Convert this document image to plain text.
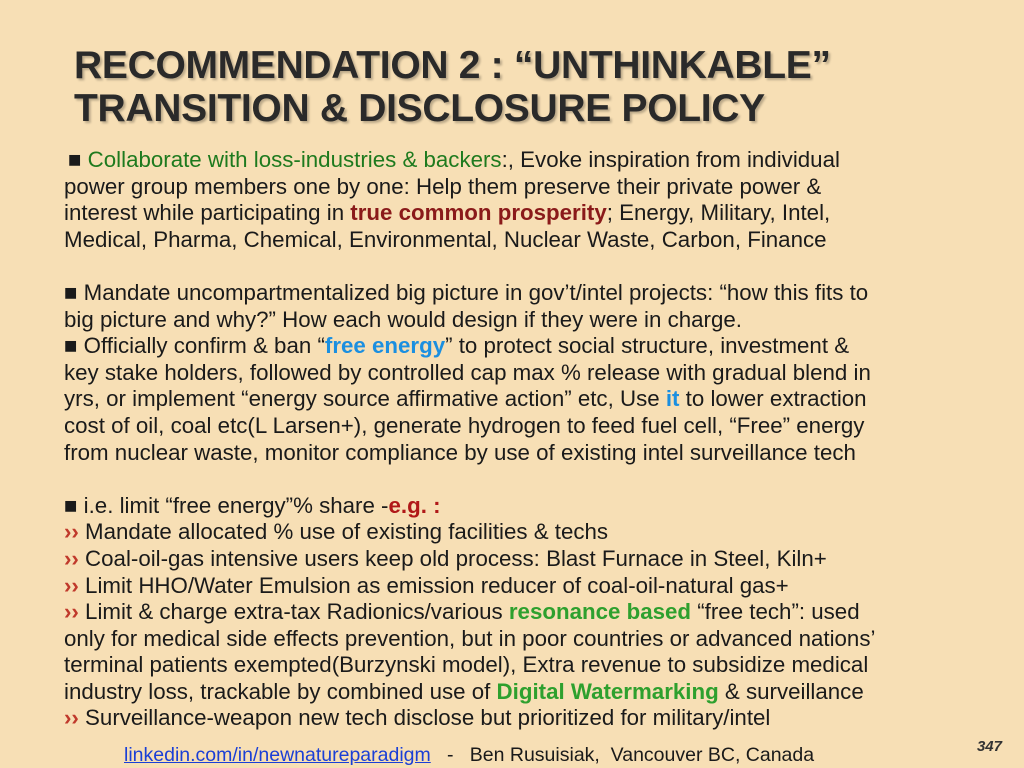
RECOMMENDATION 2 : “UNTHINKABLE”
TRANSITION & DISCLOSURE POLICY
■ Collaborate with loss-industries & backers:, Evoke inspiration from individual
power group members one by one: Help them preserve their private power &
interest while participating in true common prosperity; Energy, Military, Intel,
Medical, Pharma, Chemical, Environmental, Nuclear Waste, Carbon, Finance
■ Mandate uncompartmentalized big picture in gov’t/intel projects: “how this fits to
big picture and why?” How each would design if they were in charge.
■ Officially confirm & ban “free energy” to protect social structure, investment &
key stake holders, followed by controlled cap max % release with gradual blend in
yrs, or implement “energy source affirmative action” etc, Use it to lower extraction
cost of oil, coal etc(L Larsen+), generate hydrogen to feed fuel cell, “Free” energy
from nuclear waste, monitor compliance by use of existing intel surveillance tech
■ i.e. limit “free energy”% share -e.g. :
›› Mandate allocated % use of existing facilities & techs
›› Coal-oil-gas intensive users keep old process: Blast Furnace in Steel, Kiln+
›› Limit HHO/Water Emulsion as emission reducer of coal-oil-natural gas+
›› Limit & charge extra-tax Radionics/various resonance based “free tech”: used
only for medical side effects prevention, but in poor countries or advanced nations’
terminal patients exempted(Burzynski model), Extra revenue to subsidize medical
industry loss, trackable by combined use of Digital Watermarking & surveillance
›› Surveillance-weapon new tech disclose but prioritized for military/intel
linkedin.com/in/newnatureparadigm   -   Ben Rusuisiak,  Vancouver BC, Canada	347
